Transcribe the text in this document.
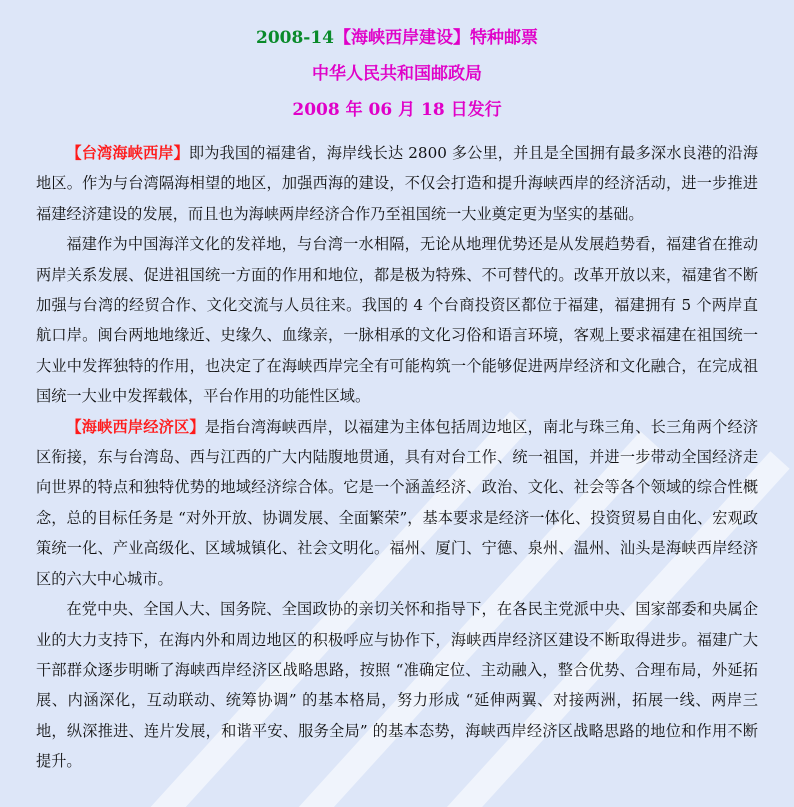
2008-14【海峡西岸建设】特种邮票

中华人民共和国邮政局

2008 年 06 月 18 日发行

【台湾海峡西岸】即为我国的福建省，海岸线长达 2800 多公里，并且是全国拥有最多深水良港的沿海地区。作为与台湾隔海相望的地区，加强西海的建设，不仅会打造和提升海峡西岸的经济活动，进一步推进福建经济建设的发展，而且也为海峡两岸经济合作乃至祖国统一大业奠定更为坚实的基础。

福建作为中国海洋文化的发祥地，与台湾一水相隔，无论从地理优势还是从发展趋势看，福建省在推动两岸关系发展、促进祖国统一方面的作用和地位，都是极为特殊、不可替代的。改革开放以来，福建省不断加强与台湾的经贸合作、文化交流与人员往来。我国的 4 个台商投资区都位于福建，福建拥有 5 个两岸直航口岸。闽台两地地缘近、史缘久、血缘亲，一脉相承的文化习俗和语言环境，客观上要求福建在祖国统一大业中发挥独特的作用，也决定了在海峡西岸完全有可能构筑一个能够促进两岸经济和文化融合，在完成祖国统一大业中发挥载体，平台作用的功能性区域。

【海峡西岸经济区】是指台湾海峡西岸，以福建为主体包括周边地区，南北与珠三角、长三角两个经济区衔接，东与台湾岛、西与江西的广大内陆腹地贯通，具有对台工作、统一祖国，并进一步带动全国经济走向世界的特点和独特优势的地域经济综合体。它是一个涵盖经济、政治、文化、社会等各个领域的综合性概念，总的目标任务是 “对外开放、协调发展、全面繁荣”，基本要求是经济一体化、投资贸易自由化、宏观政策统一化、产业高级化、区域城镇化、社会文明化。福州、厦门、宁德、泉州、温州、汕头是海峡西岸经济区的六大中心城市。

在党中央、全国人大、国务院、全国政协的亲切关怀和指导下，在各民主党派中央、国家部委和央属企业的大力支持下，在海内外和周边地区的积极呼应与协作下，海峡西岸经济区建设不断取得进步。福建广大干部群众逐步明晰了海峡西岸经济区战略思路，按照 “准确定位、主动融入，整合优势、合理布局，外延拓展、内涵深化，互动联动、统筹协调” 的基本格局，努力形成 “延伸两翼、对接两洲，拓展一线、两岸三地，纵深推进、连片发展，和谐平安、服务全局” 的基本态势，海峡西岸经济区战略思路的地位和作用不断提升。
